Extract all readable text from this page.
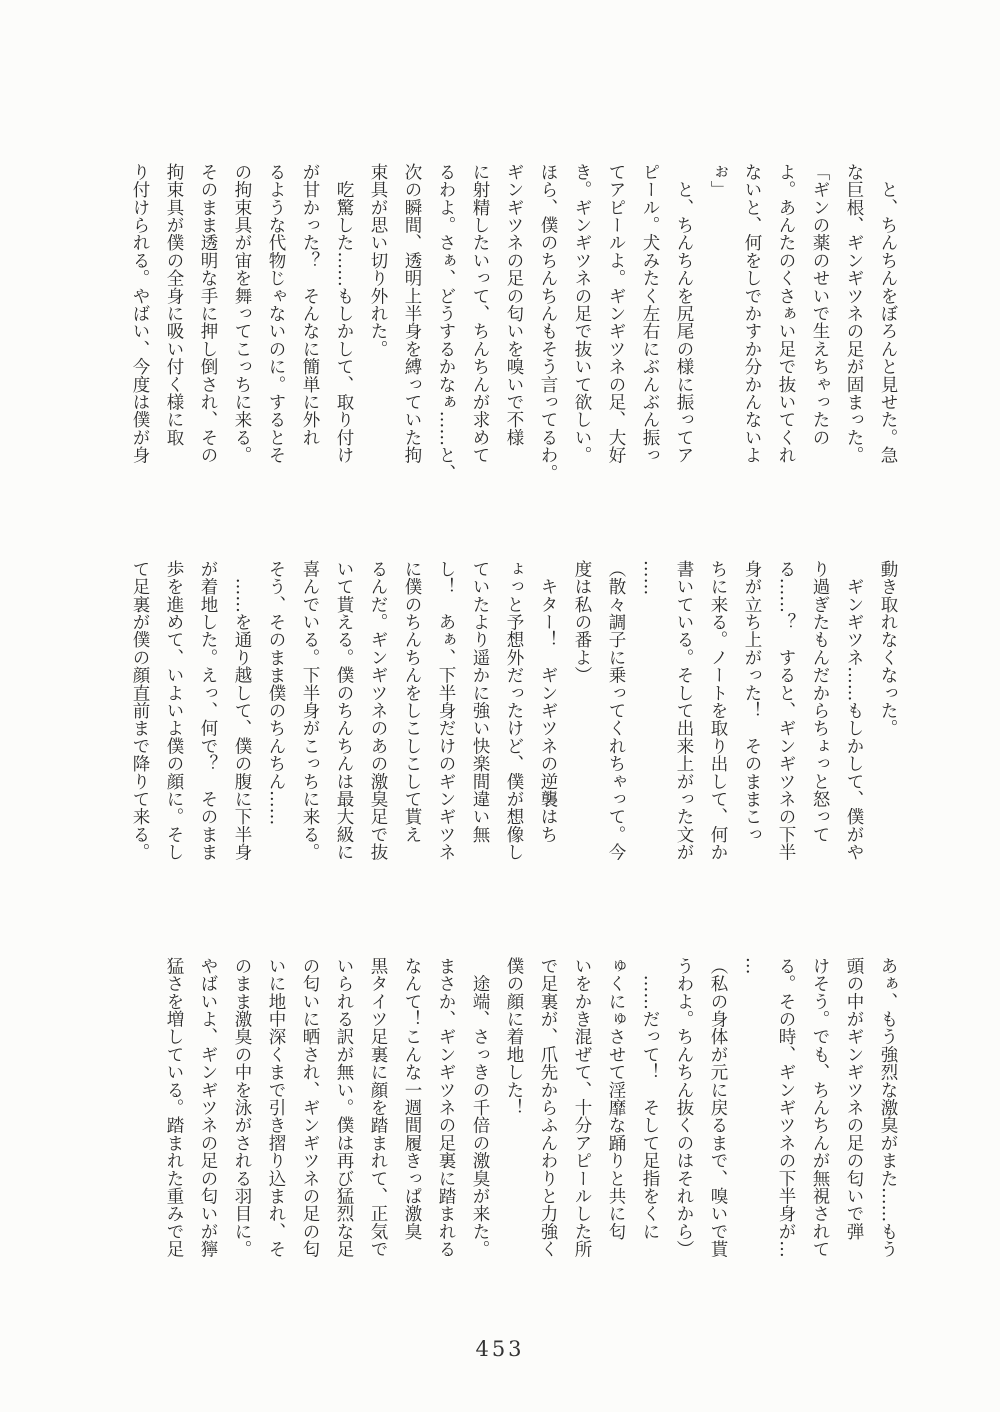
　と、ちんちんをぼろんと見せた。急
な巨根、ギンギツネの足が固まった。
「ギンの薬のせいで生えちゃったの
よ。あんたのくさぁい足で抜いてくれ
ないと、何をしでかすか分かんないよ
ぉ」
　と、ちんちんを尻尾の様に振ってア
ピール。犬みたく左右にぶんぶん振っ
てアピールよ。ギンギツネの足、大好
き。ギンギツネの足で抜いて欲しい。
ほら、僕のちんちんもそう言ってるわ。
ギンギツネの足の匂いを嗅いで不様
に射精したいって、ちんちんが求めて
るわよ。さぁ、どうするかなぁ……と、
次の瞬間、透明上半身を縛っていた拘
束具が思い切り外れた。
　吃驚した……もしかして、取り付け
が甘かった？　そんなに簡単に外れ
るような代物じゃないのに。するとそ
の拘束具が宙を舞ってこっちに来る。
そのまま透明な手に押し倒され、その
拘束具が僕の全身に吸い付く様に取
り付けられる。やばい、今度は僕が身
動き取れなくなった。
　ギンギツネ……もしかして、僕がや
り過ぎたもんだからちょっと怒って
る……？　すると、ギンギツネの下半
身が立ち上がった！　そのままこっ
ちに来る。ノートを取り出して、何か
書いている。そして出来上がった文が
……
（散々調子に乗ってくれちゃって。今
度は私の番よ）
　キター！　ギンギツネの逆襲はち
ょっと予想外だったけど、僕が想像し
ていたより遥かに強い快楽間違い無
し！　あぁ、下半身だけのギンギツネ
に僕のちんちんをしこしこして貰え
るんだ。ギンギツネのあの激臭足で抜
いて貰える。僕のちんちんは最大級に
喜んでいる。下半身がこっちに来る。
そう、そのまま僕のちんちん……
　……を通り越して、僕の腹に下半身
が着地した。えっ、何で？　そのまま
歩を進めて、いよいよ僕の顔に。そし
て足裏が僕の顔直前まで降りて来る。
あぁ、もう強烈な激臭がまた……もう
頭の中がギンギツネの足の匂いで弾
けそう。でも、ちんちんが無視されて
る。その時、ギンギツネの下半身が…
…
（私の身体が元に戻るまで、嗅いで貰
うわよ。ちんちん抜くのはそれから）
　……だって！　そして足指をくに
ゅくにゅさせて淫靡な踊りと共に匂
いをかき混ぜて、十分アピールした所
で足裏が、爪先からふんわりと力強く
僕の顔に着地した！
　途端、さっきの千倍の激臭が来た。
まさか、ギンギツネの足裏に踏まれる
なんて！こんな一週間履きっぱ激臭
黒タイツ足裏に顔を踏まれて、正気で
いられる訳が無い。僕は再び猛烈な足
の匂いに晒され、ギンギツネの足の匂
いに地中深くまで引き摺り込まれ、そ
のまま激臭の中を泳がされる羽目に。
やばいよ、ギンギツネの足の匂いが獰
猛さを増している。踏まれた重みで足
453
